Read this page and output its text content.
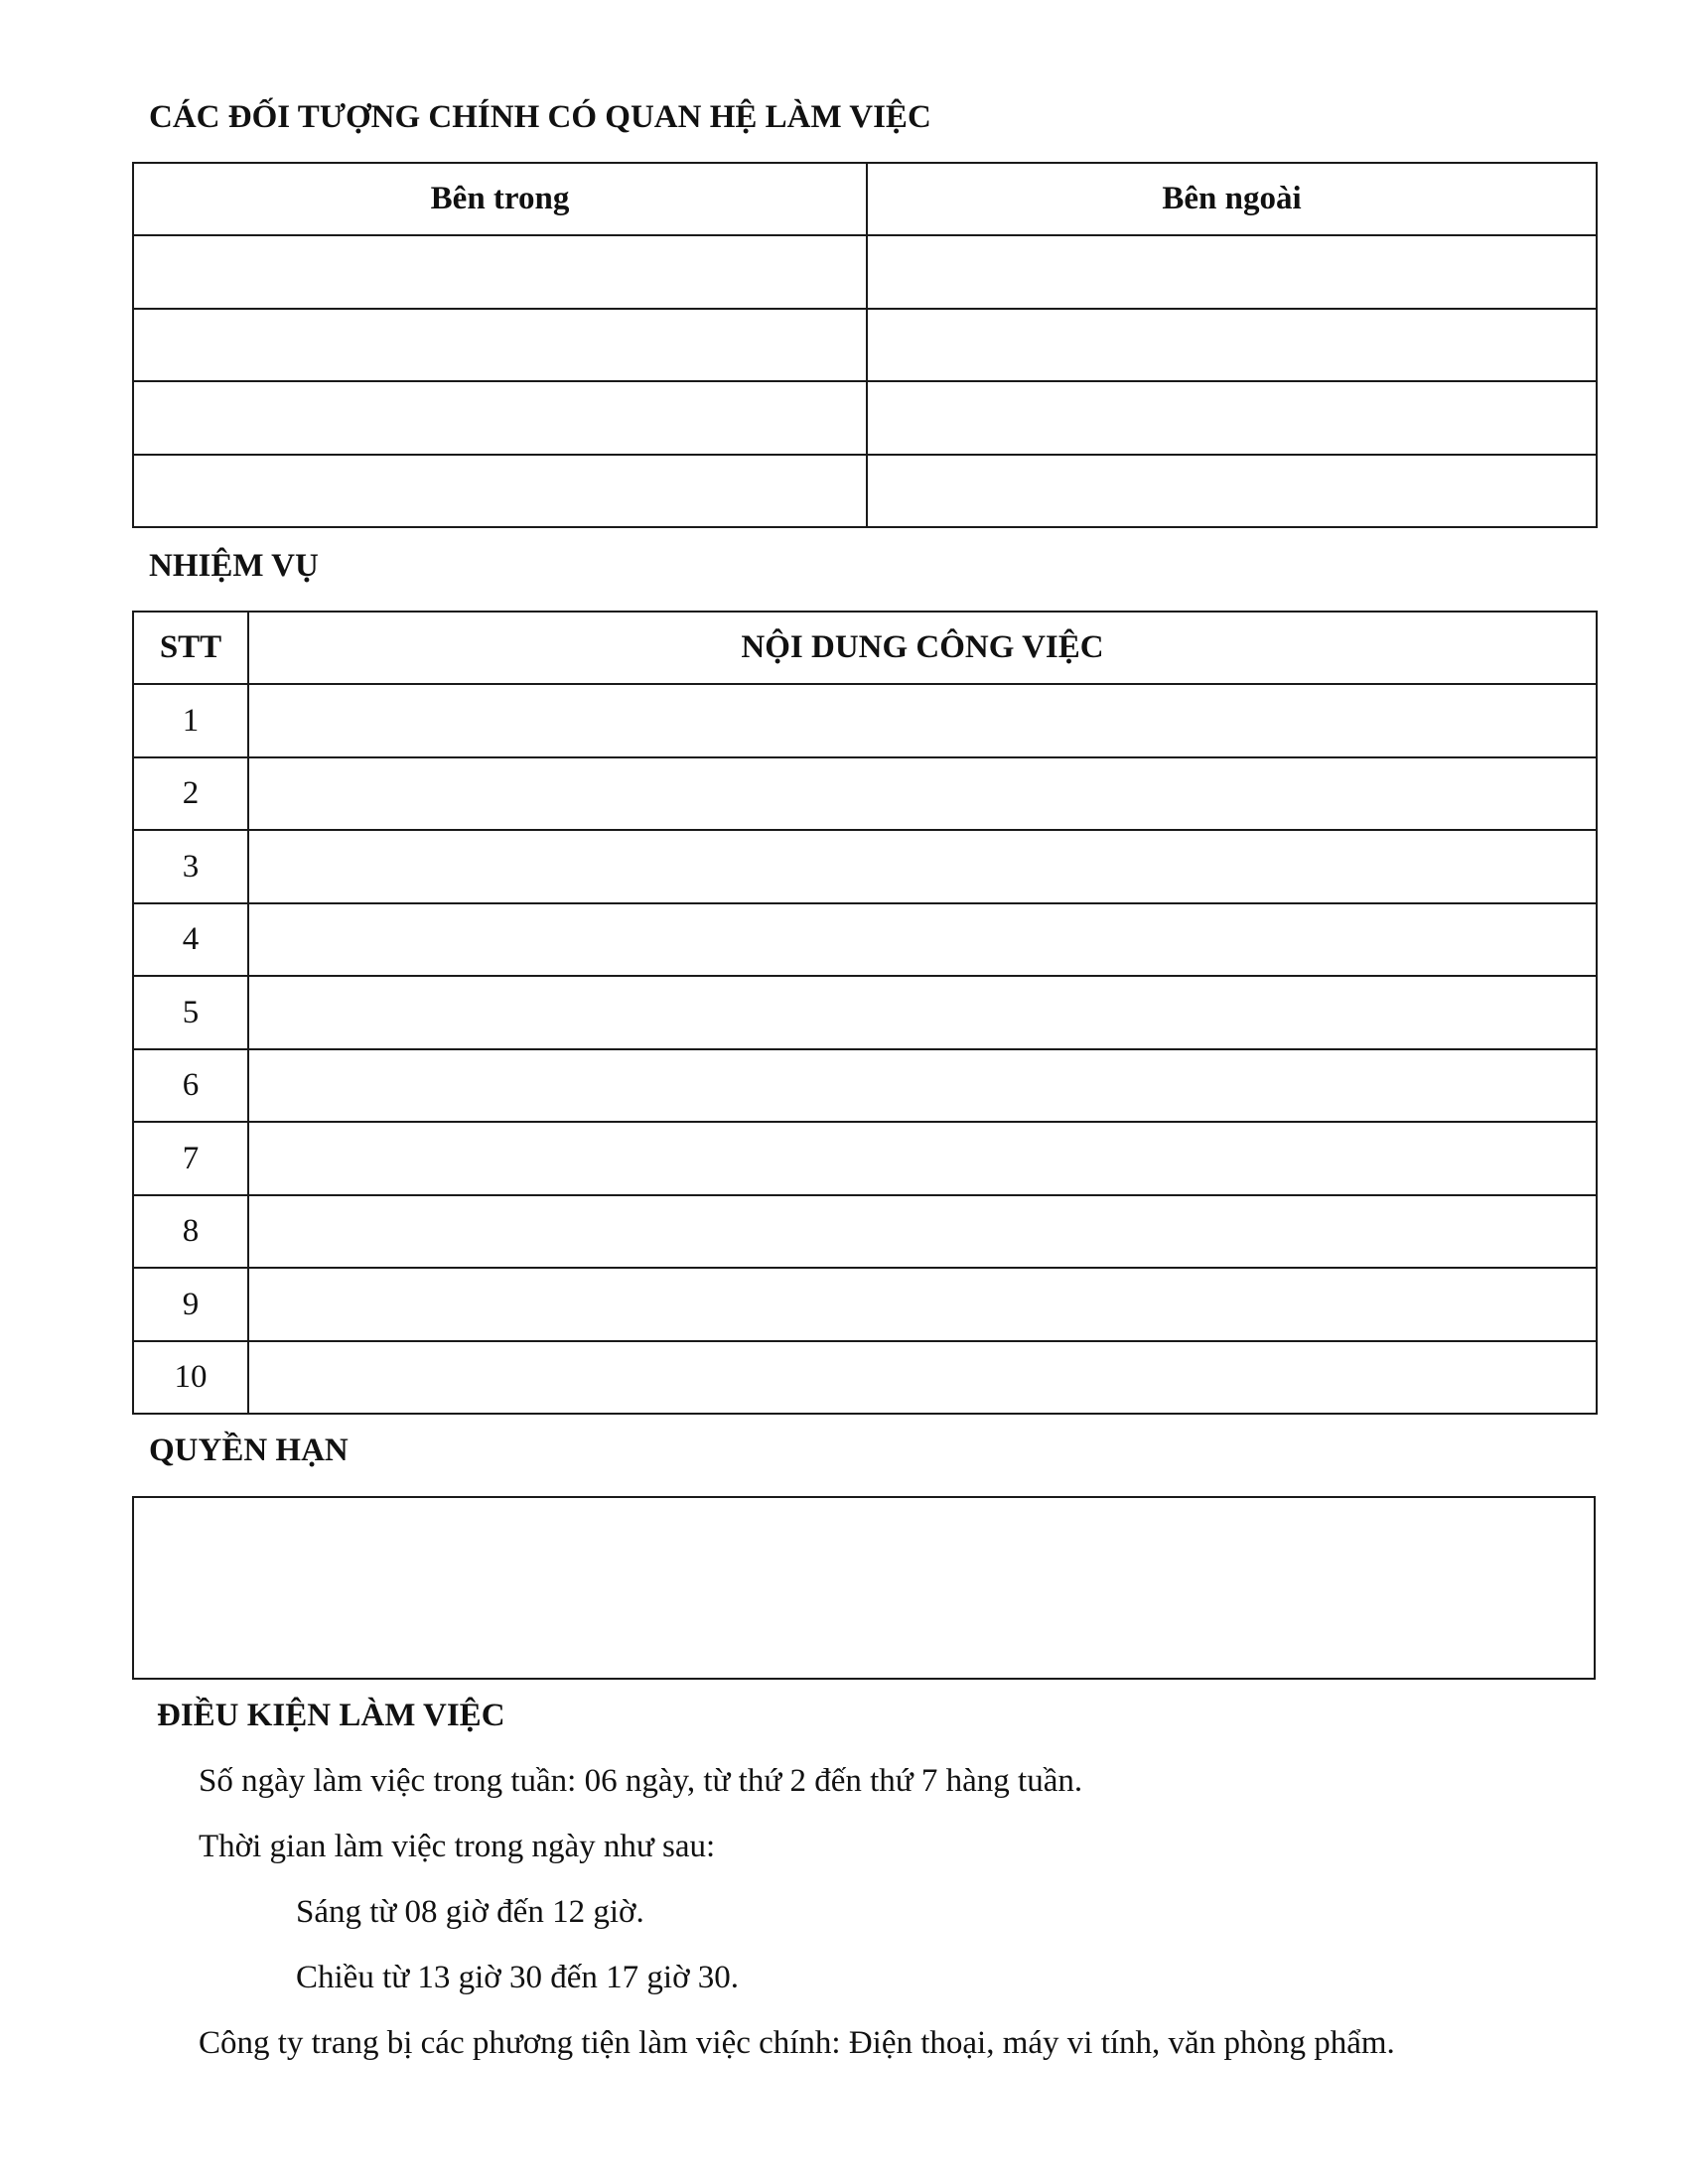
CÁC ĐỐI TƯỢNG CHÍNH CÓ QUAN HỆ LÀM VIỆC
Bên trong	Bên ngoài

NHIỆM VỤ
STT	NỘI DUNG CÔNG VIỆC
1	
2	
3	
4	
5	
6	
7	
8	
9	
10	
QUYỀN HẠN
ĐIỀU KIỆN LÀM VIỆC
Số ngày làm việc trong tuần: 06 ngày, từ thứ 2 đến thứ 7 hàng tuần.
Thời gian làm việc trong ngày như sau:
Sáng từ 08 giờ đến 12 giờ.
Chiều từ 13 giờ 30 đến 17 giờ 30.
Công ty trang bị các phương tiện làm việc chính: Điện thoại, máy vi tính, văn phòng phẩm.
